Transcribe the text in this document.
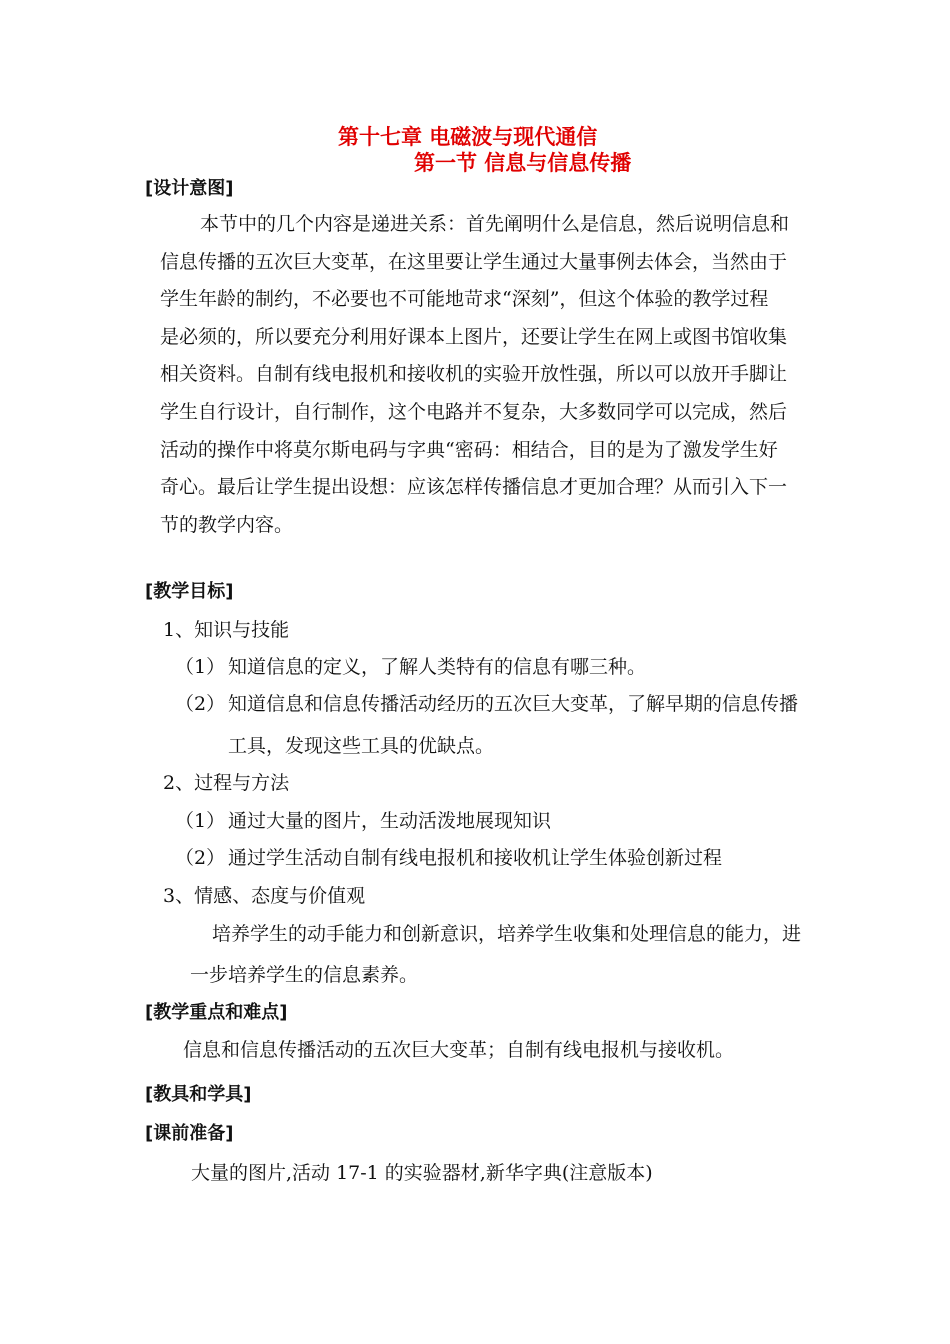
第十七章 电磁波与现代通信
第一节 信息与信息传播
[设计意图]
本节中的几个内容是递进关系：首先阐明什么是信息，然后说明信息和
信息传播的五次巨大变革，在这里要让学生通过大量事例去体会，当然由于
学生年龄的制约，不必要也不可能地苛求“深刻”，但这个体验的教学过程
是必须的，所以要充分利用好课本上图片，还要让学生在网上或图书馆收集
相关资料。自制有线电报机和接收机的实验开放性强，所以可以放开手脚让
学生自行设计，自行制作，这个电路并不复杂，大多数同学可以完成，然后
活动的操作中将莫尔斯电码与字典“密码：相结合，目的是为了激发学生好
奇心。最后让学生提出设想：应该怎样传播信息才更加合理？从而引入下一
节的教学内容。
[教学目标]
1、知识与技能
（1） 知道信息的定义，了解人类特有的信息有哪三种。
（2） 知道信息和信息传播活动经历的五次巨大变革，了解早期的信息传播
工具，发现这些工具的优缺点。
2、过程与方法
（1） 通过大量的图片，生动活泼地展现知识
（2） 通过学生活动自制有线电报机和接收机让学生体验创新过程
3、情感、态度与价值观
培养学生的动手能力和创新意识，培养学生收集和处理信息的能力，进
一步培养学生的信息素养。
[教学重点和难点]
信息和信息传播活动的五次巨大变革；自制有线电报机与接收机。
[教具和学具]
[课前准备]
大量的图片,活动 17-1 的实验器材,新华字典(注意版本)
